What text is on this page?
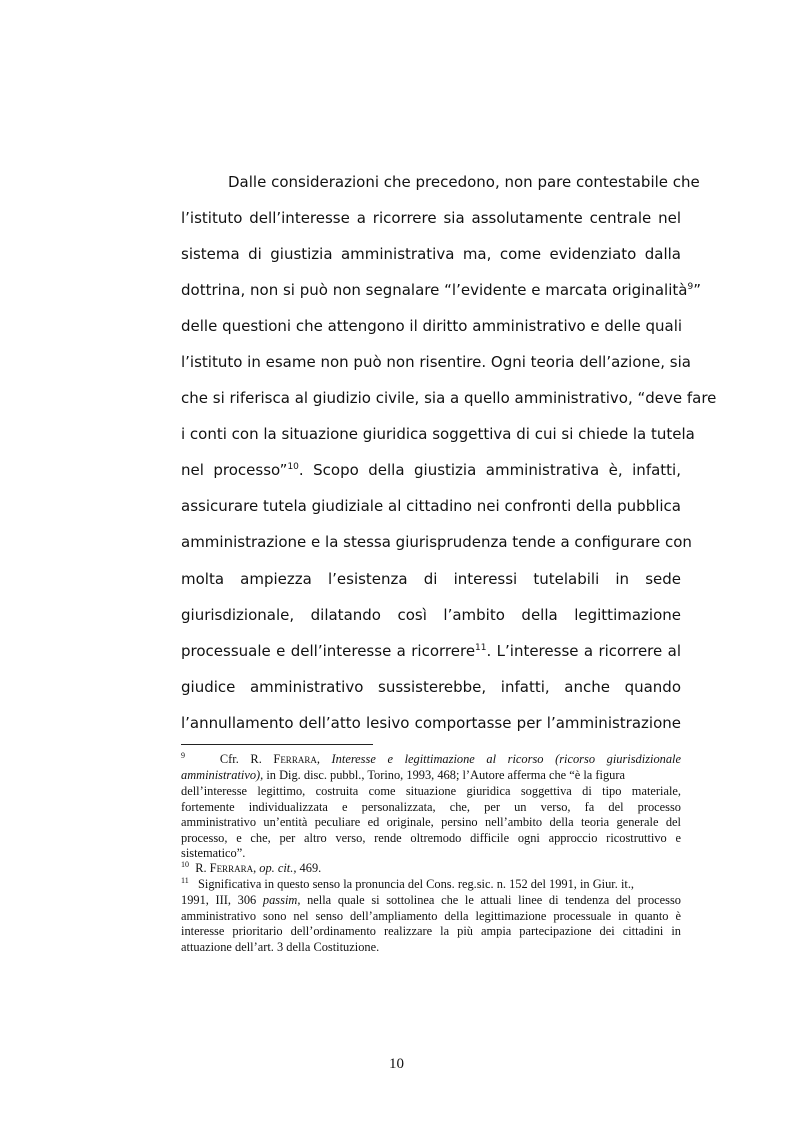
Dalle considerazioni che precedono, non pare contestabile che
l’istituto dell’interesse a ricorrere sia assolutamente centrale nel
sistema di giustizia amministrativa ma, come evidenziato dalla
dottrina, non si può non segnalare “l’evidente e marcata originalità$^9$”
delle questioni che attengono il diritto amministrativo e delle quali
l’istituto in esame non può non risentire. Ogni teoria dell’azione, sia
che si riferisca al giudizio civile, sia a quello amministrativo, “deve fare
i conti con la situazione giuridica soggettiva di cui si chiede la tutela
nel processo”$^{10}$. Scopo della giustizia amministrativa è, infatti,
assicurare tutela giudiziale al cittadino nei confronti della pubblica
amministrazione e la stessa giurisprudenza tende a configurare con
molta ampiezza l’esistenza di interessi tutelabili in sede
giurisdizionale, dilatando così l’ambito della legittimazione
processuale e dell’interesse a ricorrere$^{11}$. L’interesse a ricorrere al
giudice amministrativo sussisterebbe, infatti, anche quando
l’annullamento dell’atto lesivo comportasse per l’amministrazione
$^9$	Cfr. R. Ferrara, Interesse e legittimazione al ricorso (ricorso giurisdizionale
amministrativo), in Dig. disc. pubbl., Torino, 1993, 468; l’Autore afferma che “è la figura
dell’interesse legittimo, costruita come situazione giuridica soggettiva di tipo materiale,
fortemente individualizzata e personalizzata, che, per un verso, fa del processo
amministrativo un’entità peculiare ed originale, persino nell’ambito della teoria generale del
processo, e che, per altro verso, rende oltremodo difficile ogni approccio ricostruttivo e
sistematico”.
$^{10}$ R. Ferrara, op. cit., 469.
$^{11}$ Significativa in questo senso la pronuncia del Cons. reg.sic. n. 152 del 1991, in Giur. it.,
1991, III, 306 passim, nella quale si sottolinea che le attuali linee di tendenza del processo
amministrativo sono nel senso dell’ampliamento della legittimazione processuale in quanto è
interesse prioritario dell’ordinamento realizzare la più ampia partecipazione dei cittadini in
attuazione dell’art. 3 della Costituzione.
10
